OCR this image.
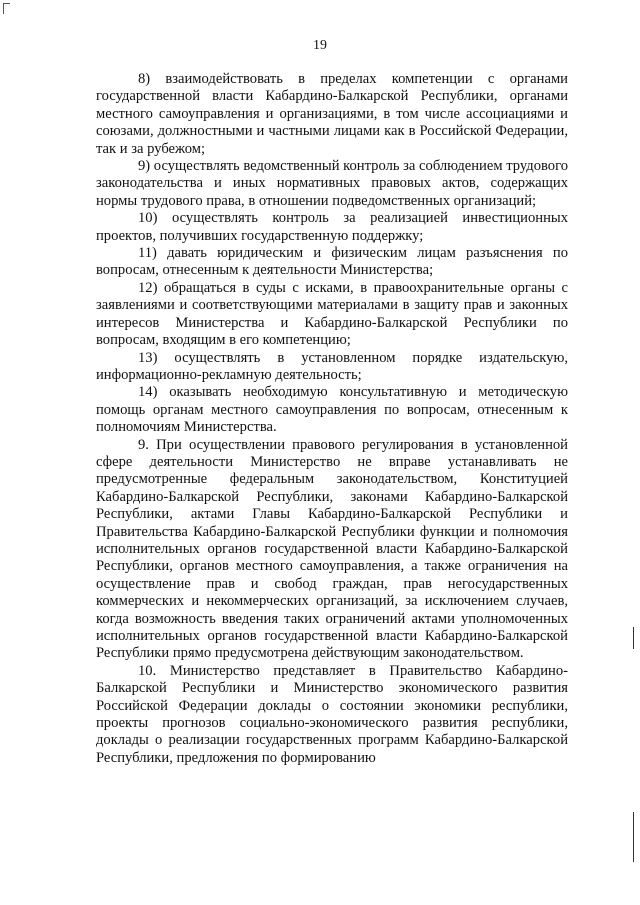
19

8) взаимодействовать в пределах компетенции с органами государственной власти Кабардино-Балкарской Республики, органами местного самоуправления и организациями, в том числе ассоциациями и союзами, должностными и частными лицами как в Российской Федерации, так и за рубежом;

9) осуществлять ведомственный контроль за соблюдением трудового законодательства и иных нормативных правовых актов, содержащих нормы трудового права, в отношении подведомственных организаций;

10) осуществлять контроль за реализацией инвестиционных проектов, получивших государственную поддержку;

11) давать юридическим и физическим лицам разъяснения по вопросам, отнесенным к деятельности Министерства;

12) обращаться в суды с исками, в правоохранительные органы с заявлениями и соответствующими материалами в защиту прав и законных интересов Министерства и Кабардино-Балкарской Республики по вопросам, входящим в его компетенцию;

13) осуществлять в установленном порядке издательскую, информационно-рекламную деятельность;

14) оказывать необходимую консультативную и методическую помощь органам местного самоуправления по вопросам, отнесенным к полномочиям Министерства.

9. При осуществлении правового регулирования в установленной сфере деятельности Министерство не вправе устанавливать не предусмотренные федеральным законодательством, Конституцией Кабардино-Балкарской Республики, законами Кабардино-Балкарской Республики, актами Главы Кабардино-Балкарской Республики и Правительства Кабардино-Балкарской Республики функции и полномочия исполнительных органов государственной власти Кабардино-Балкарской Республики, органов местного самоуправления, а также ограничения на осуществление прав и свобод граждан, прав негосударственных коммерческих и некоммерческих организаций, за исключением случаев, когда возможность введения таких ограничений актами уполномоченных исполнительных органов государственной власти Кабардино-Балкарской Республики прямо предусмотрена действующим законодательством.

10. Министерство представляет в Правительство Кабардино-Балкарской Республики и Министерство экономического развития Российской Федерации доклады о состоянии экономики республики, проекты прогнозов социально-экономического развития республики, доклады о реализации государственных программ Кабардино-Балкарской Республики, предложения по формированию
